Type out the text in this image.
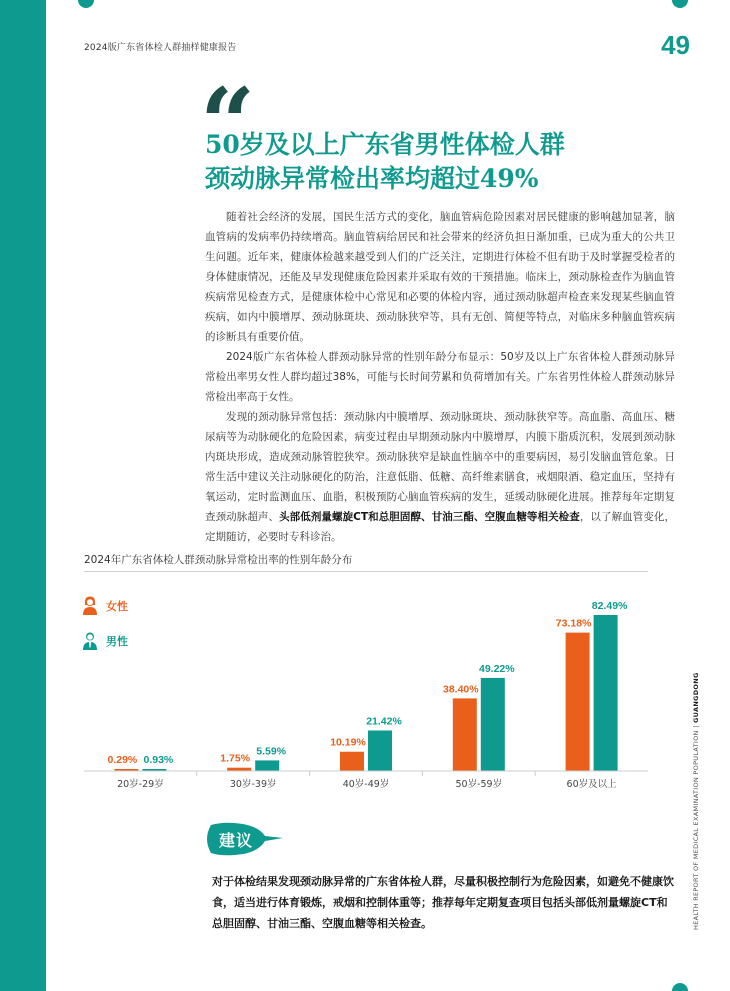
2024版广东省体检人群抽样健康报告	49
“
50岁及以上广东省男性体检人群
颈动脉异常检出率均超过49%

随着社会经济的发展，国民生活方式的变化，脑血管病危险因素对居民健康的影响越加显著，脑血管病的发病率仍持续增高。脑血管病给居民和社会带来的经济负担日渐加重，已成为重大的公共卫生问题。近年来，健康体检越来越受到人们的广泛关注，定期进行体检不但有助于及时掌握受检者的身体健康情况，还能及早发现健康危险因素并采取有效的干预措施。临床上，颈动脉检查作为脑血管疾病常见检查方式，是健康体检中心常见和必要的体检内容，通过颈动脉超声检查来发现某些脑血管疾病，如内中膜增厚、颈动脉斑块、颈动脉狭窄等，具有无创、简便等特点，对临床多种脑血管疾病的诊断具有重要价值。

2024版广东省体检人群颈动脉异常的性别年龄分布显示：50岁及以上广东省体检人群颈动脉异常检出率男女性人群均超过38%，可能与长时间劳累和负荷增加有关。广东省男性体检人群颈动脉异常检出率高于女性。

发现的颈动脉异常包括：颈动脉内中膜增厚、颈动脉斑块、颈动脉狭窄等。高血脂、高血压、糖尿病等为动脉硬化的危险因素，病变过程由早期颈动脉内中膜增厚，内膜下脂质沉积，发展到颈动脉内斑块形成，造成颈动脉管腔狭窄。颈动脉狭窄是缺血性脑卒中的重要病因，易引发脑血管危象。日常生活中建议关注动脉硬化的防治，注意低脂、低糖、高纤维素膳食，戒烟限酒、稳定血压，坚持有氧运动，定时监测血压、血脂，积极预防心脑血管疾病的发生，延缓动脉硬化进展。推荐每年定期复查颈动脉超声、头部低剂量螺旋CT和总胆固醇、甘油三酯、空腹血糖等相关检查，以了解血管变化，定期随访，必要时专科诊治。

2024年广东省体检人群颈动脉异常检出率的性别年龄分布
女性
男性
0.29% 0.93%	1.75%
5.59%
10.19%
21.42%
38.40%
49.22%
73.18%
82.49%
20岁-29岁	30岁-39岁	40岁-49岁	50岁-59岁	60岁及以上
建议
对于体检结果发现颈动脉异常的广东省体检人群，尽量积极控制行为危险因素，如避免不健康饮食，适当进行体育锻炼，戒烟和控制体重等；推荐每年定期复查项目包括头部低剂量螺旋CT和总胆固醇、甘油三酯、空腹血糖等相关检查。	HEALTH REPORT OF MEDICAL EXAMINATION POPULATION | GUANGDONG
